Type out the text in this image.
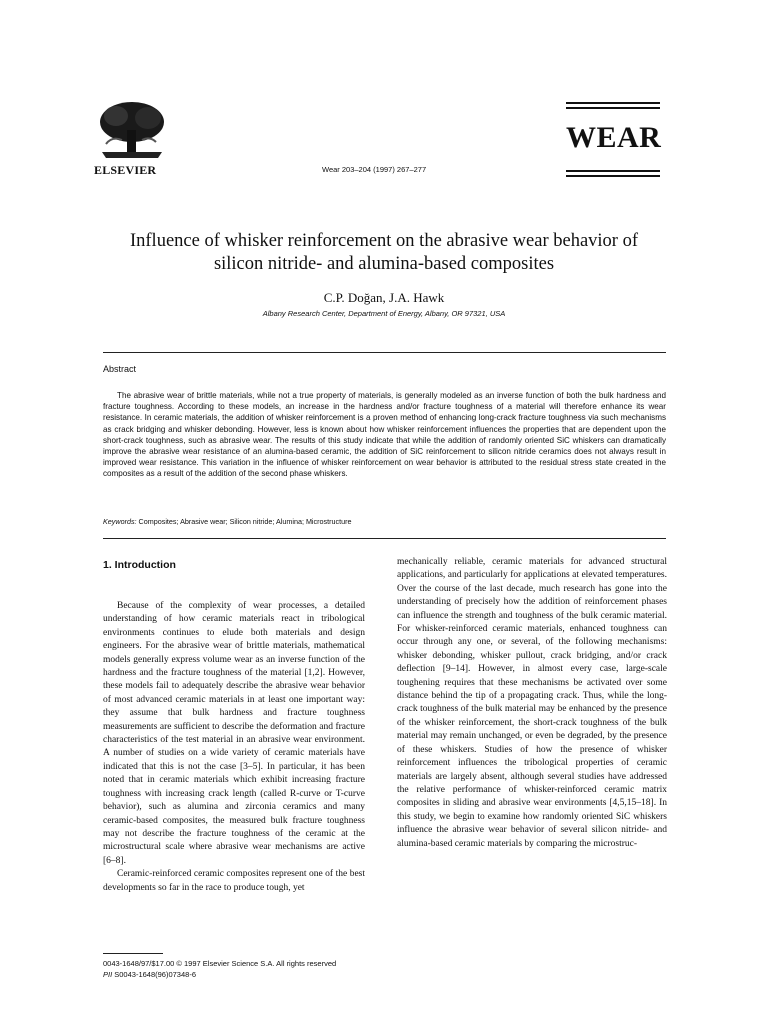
ELSEVIER	Wear 203–204 (1997) 267–277
WEAR
Influence of whisker reinforcement on the abrasive wear behavior of
silicon nitride- and alumina-based composites
C.P. Doğan, J.A. Hawk
Albany Research Center, Department of Energy, Albany, OR 97321, USA
Abstract
The abrasive wear of brittle materials, while not a true property of materials, is generally modeled as an inverse function of both the bulk hardness and fracture toughness. According to these models, an increase in the hardness and/or fracture toughness of a material will therefore enhance its wear resistance. In ceramic materials, the addition of whisker reinforcement is a proven method of enhancing long-crack fracture toughness via such mechanisms as crack bridging and whisker debonding. However, less is known about how whisker reinforcement influences the properties that are dependent upon the short-crack toughness, such as abrasive wear. The results of this study indicate that while the addition of randomly oriented SiC whiskers can dramatically improve the abrasive wear resistance of an alumina-based ceramic, the addition of SiC reinforcement to silicon nitride ceramics does not always result in improved wear resistance. This variation in the influence of whisker reinforcement on wear behavior is attributed to the residual stress state created in the composites as a result of the addition of the second phase whiskers.
Keywords: Composites; Abrasive wear; Silicon nitride; Alumina; Microstructure
1. Introduction

Because of the complexity of wear processes, a detailed understanding of how ceramic materials react in tribological environments continues to elude both materials and design engineers. For the abrasive wear of brittle materials, mathematical models generally express volume wear as an inverse function of the hardness and the fracture toughness of the material [1,2]. However, these models fail to adequately describe the abrasive wear behavior of most advanced ceramic materials in at least one important way: they assume that bulk hardness and fracture toughness measurements are sufficient to describe the deformation and fracture characteristics of the test material in an abrasive wear environment. A number of studies on a wide variety of ceramic materials have indicated that this is not the case [3–5]. In particular, it has been noted that in ceramic materials which exhibit increasing fracture toughness with increasing crack length (called R-curve or T-curve behavior), such as alumina and zirconia ceramics and many ceramic-based composites, the measured bulk fracture toughness may not describe the fracture toughness of the ceramic at the microstructural scale where abrasive wear mechanisms are active [6–8].

Ceramic-reinforced ceramic composites represent one of the best developments so far in the race to produce tough, yet

mechanically reliable, ceramic materials for advanced structural applications, and particularly for applications at elevated temperatures. Over the course of the last decade, much research has gone into the understanding of precisely how the addition of reinforcement phases can influence the strength and toughness of the bulk ceramic material. For whisker-reinforced ceramic materials, enhanced toughness can occur through any one, or several, of the following mechanisms: whisker debonding, whisker pullout, crack bridging, and/or crack deflection [9–14]. However, in almost every case, large-scale toughening requires that these mechanisms be activated over some distance behind the tip of a propagating crack. Thus, while the long-crack toughness of the bulk material may be enhanced by the presence of the whisker reinforcement, the short-crack toughness of the bulk material may remain unchanged, or even be degraded, by the presence of these whiskers. Studies of how the presence of whisker reinforcement influences the tribological properties of ceramic materials are largely absent, although several studies have addressed the relative performance of whisker-reinforced ceramic matrix composites in sliding and abrasive wear environments [4,5,15–18]. In this study, we begin to examine how randomly oriented SiC whiskers influence the abrasive wear behavior of several silicon nitride- and alumina-based ceramic materials by comparing the microstruc-

0043-1648/97/$17.00 © 1997 Elsevier Science S.A. All rights reserved
PII S0043-1648(96)07348-6
